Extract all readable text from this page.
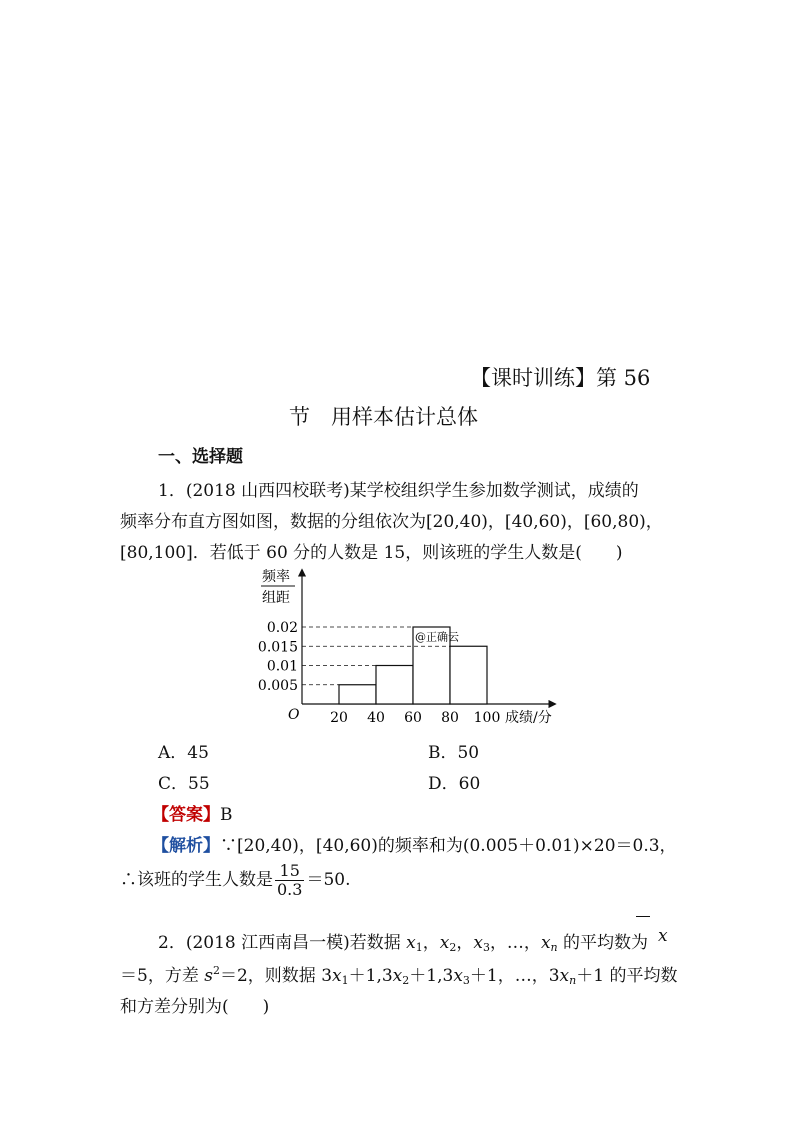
【课时训练】第 56
节　 用样本估计总体
一、选择题
1．(2018 山西四校联考)某学校组织学生参加数学测试，成绩的
频率分布直方图如图，数据的分组依次为[20,40)，[40,60)，[60,80)，
[80,100]．若低于 60 分的人数是 15，则该班的学生人数是(　　)
0.005
0.01
0.015
0.02
20 40 60 80 100
O	成绩/分
频率
组距
@正确云
A．45	B．50
C．55	D．60
【答案】B
【解析】∵[20,40)，[40,60)的频率和为(0.005＋0.01)×20＝0.3，
∴该班的学生人数是 $\frac{15}{0.3} =50$.
2．(2018 江西南昌一模)若数据 $x_1$，$x_2$，$x_3$，…，$x_n$ 的平均数为 x
＝5，方差 $s^2=2$，则数据 $3x_1+1,3x_2+1,3x_3+1$，…，$3x_n+1$ 的平均数
和方差分别为(　　)
